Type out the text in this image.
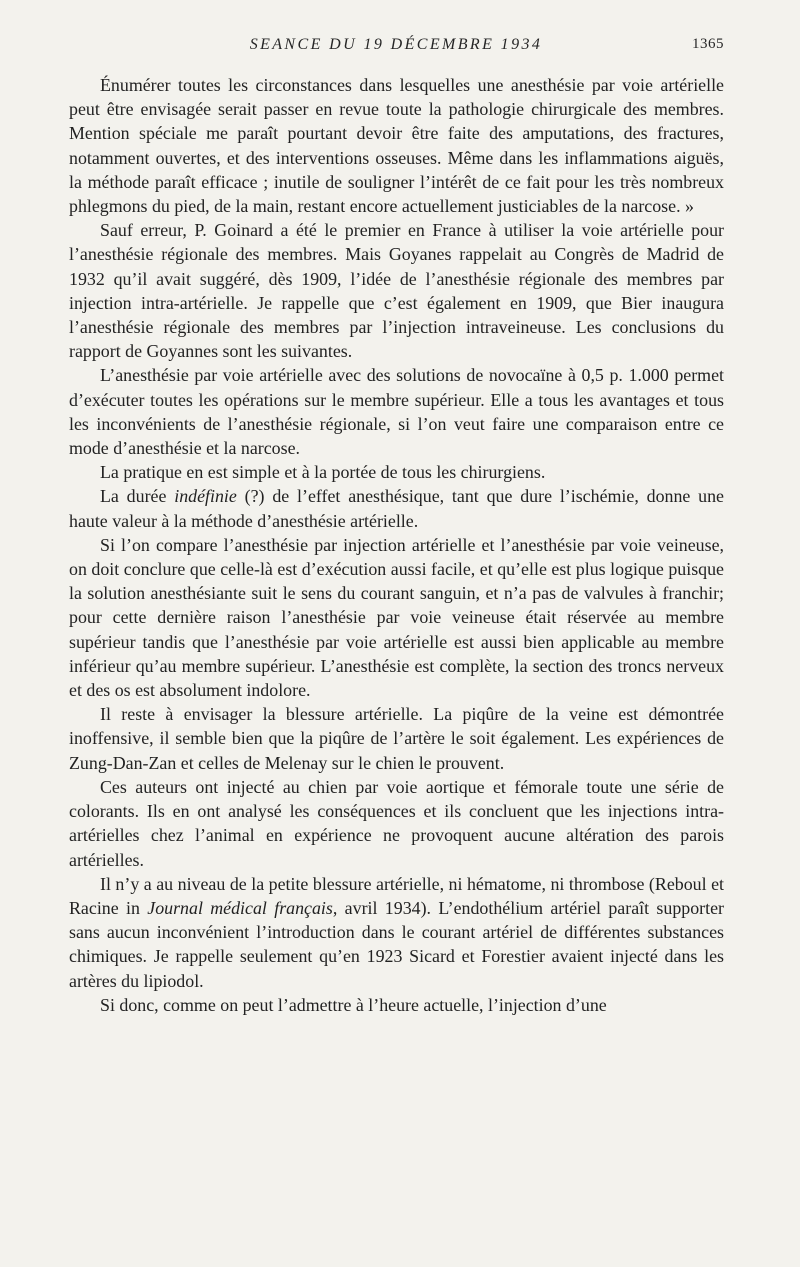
SEANCE DU 19 DÉCEMBRE 1934	1365

Énumérer toutes les circonstances dans lesquelles une anesthésie par voie artérielle peut être envisagée serait passer en revue toute la pathologie chirurgicale des membres. Mention spéciale me paraît pourtant devoir être faite des amputations, des fractures, notamment ouvertes, et des interventions osseuses. Même dans les inflammations aiguës, la méthode paraît efficace ; inutile de souligner l’intérêt de ce fait pour les très nombreux phlegmons du pied, de la main, restant encore actuellement justiciables de la narcose. »

Sauf erreur, P. Goinard a été le premier en France à utiliser la voie artérielle pour l’anesthésie régionale des membres. Mais Goyanes rappelait au Congrès de Madrid de 1932 qu’il avait suggéré, dès 1909, l’idée de l’anesthésie régionale des membres par injection intra-artérielle. Je rappelle que c’est également en 1909, que Bier inaugura l’anesthésie régionale des membres par l’injection intraveineuse. Les conclusions du rapport de Goyannes sont les suivantes.

L’anesthésie par voie artérielle avec des solutions de novocaïne à 0,5 p. 1.000 permet d’exécuter toutes les opérations sur le membre supérieur. Elle a tous les avantages et tous les inconvénients de l’anesthésie régionale, si l’on veut faire une comparaison entre ce mode d’anesthésie et la narcose.

La pratique en est simple et à la portée de tous les chirurgiens.

La durée indéfinie (?) de l’effet anesthésique, tant que dure l’ischémie, donne une haute valeur à la méthode d’anesthésie artérielle.

Si l’on compare l’anesthésie par injection artérielle et l’anesthésie par voie veineuse, on doit conclure que celle-là est d’exécution aussi facile, et qu’elle est plus logique puisque la solution anesthésiante suit le sens du courant sanguin, et n’a pas de valvules à franchir; pour cette dernière raison l’anesthésie par voie veineuse était réservée au membre supérieur tandis que l’anesthésie par voie artérielle est aussi bien applicable au membre inférieur qu’au membre supérieur. L’anesthésie est complète, la section des troncs nerveux et des os est absolument indolore.

Il reste à envisager la blessure artérielle. La piqûre de la veine est démontrée inoffensive, il semble bien que la piqûre de l’artère le soit également. Les expériences de Zung-Dan-Zan et celles de Melenay sur le chien le prouvent.

Ces auteurs ont injecté au chien par voie aortique et fémorale toute une série de colorants. Ils en ont analysé les conséquences et ils concluent que les injections intra-artérielles chez l’animal en expérience ne provoquent aucune altération des parois artérielles.

Il n’y a au niveau de la petite blessure artérielle, ni hématome, ni thrombose (Reboul et Racine in Journal médical français, avril 1934). L’endothélium artériel paraît supporter sans aucun inconvénient l’introduction dans le courant artériel de différentes substances chimiques. Je rappelle seulement qu’en 1923 Sicard et Forestier avaient injecté dans les artères du lipiodol.

Si donc, comme on peut l’admettre à l’heure actuelle, l’injection d’une
